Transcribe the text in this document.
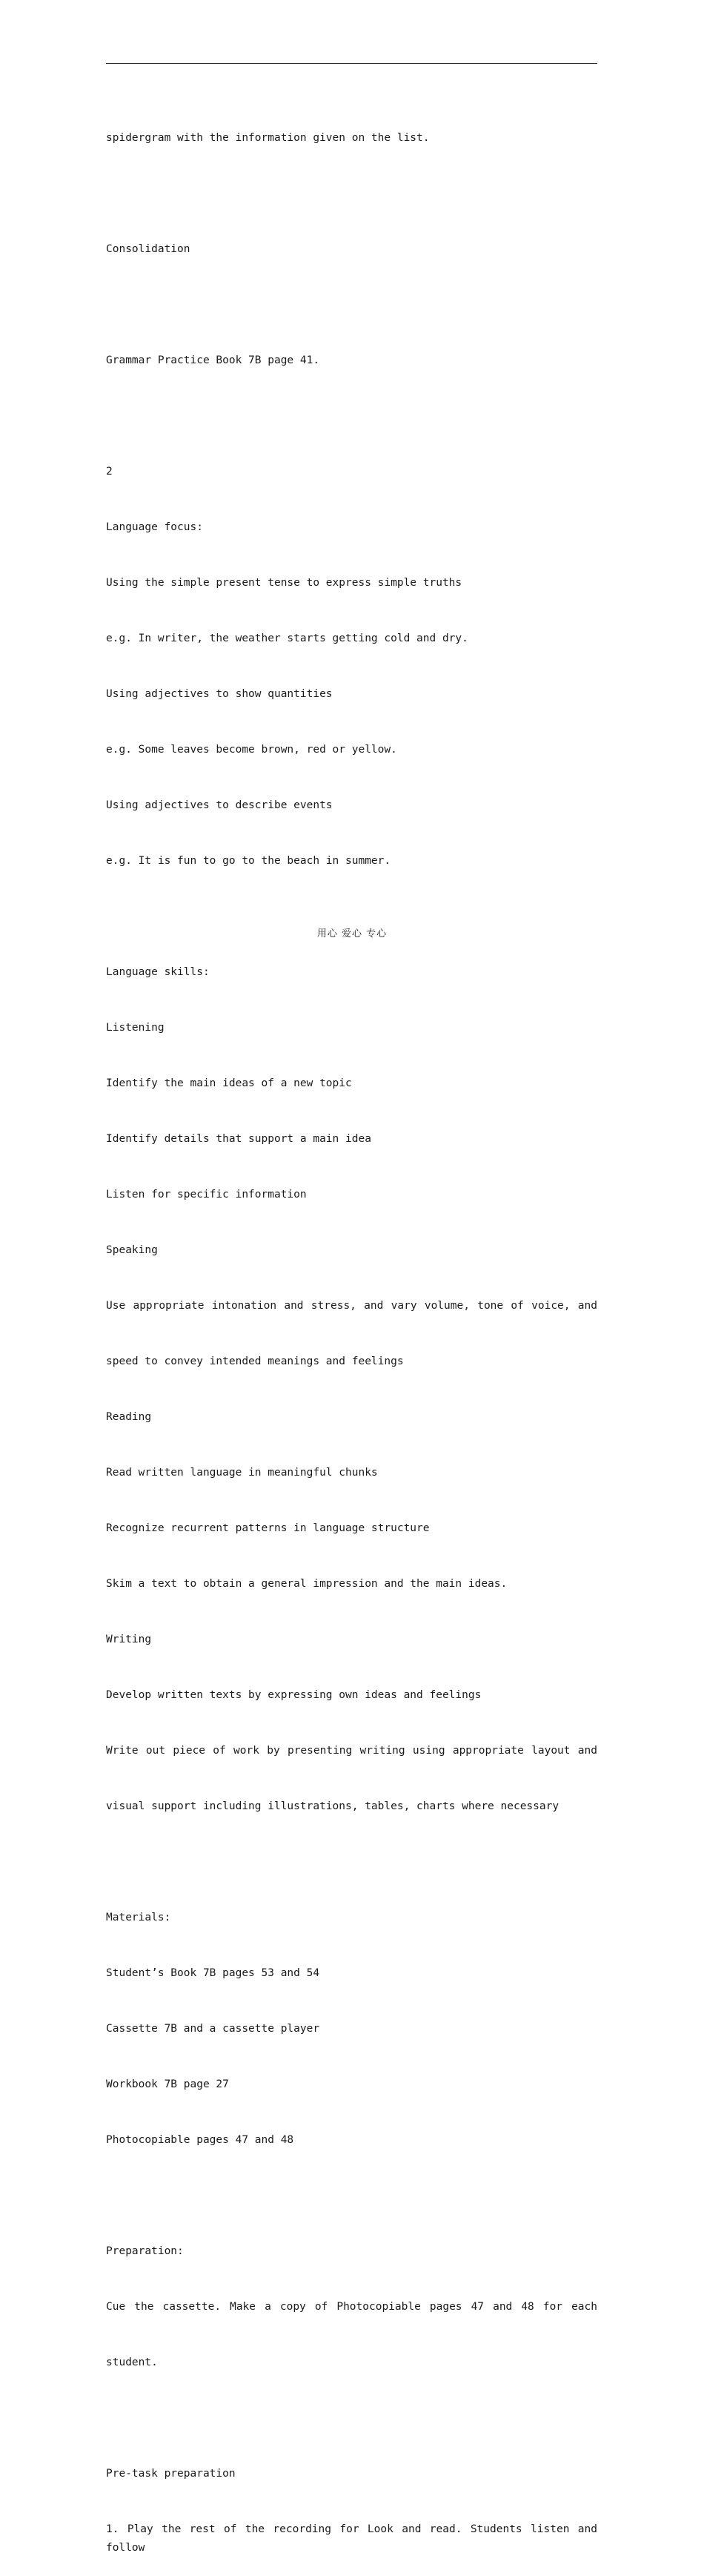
spidergram with the information given on the list.

Consolidation

Grammar Practice Book 7B page 41.

2

Language focus:

Using the simple present tense to express simple truths

e.g. In writer, the weather starts getting cold and dry.

Using adjectives to show quantities

e.g. Some leaves become brown, red or yellow.

Using adjectives to describe events

e.g. It is fun to go to the beach in summer.

Language skills:

Listening

Identify the main ideas of a new topic

Identify details that support a main idea

Listen for specific information

Speaking

Use appropriate intonation and stress, and vary volume, tone of voice, and

speed to convey intended meanings and feelings

Reading

Read written language in meaningful chunks

Recognize recurrent patterns in language structure

Skim a text to obtain a general impression and the main ideas.

Writing

Develop written texts by expressing own ideas and feelings

Write out piece of work by presenting writing using appropriate layout and

visual support including illustrations, tables, charts where necessary

Materials:

Student’s Book 7B pages 53 and 54

Cassette 7B and a cassette player

Workbook 7B page 27

Photocopiable pages 47 and 48

Preparation:

Cue the cassette. Make a copy of Photocopiable pages 47 and 48 for each

student.

Pre-task preparation

1. Play the rest of the recording for Look and read. Students listen and follow

用心 爱心 专心
